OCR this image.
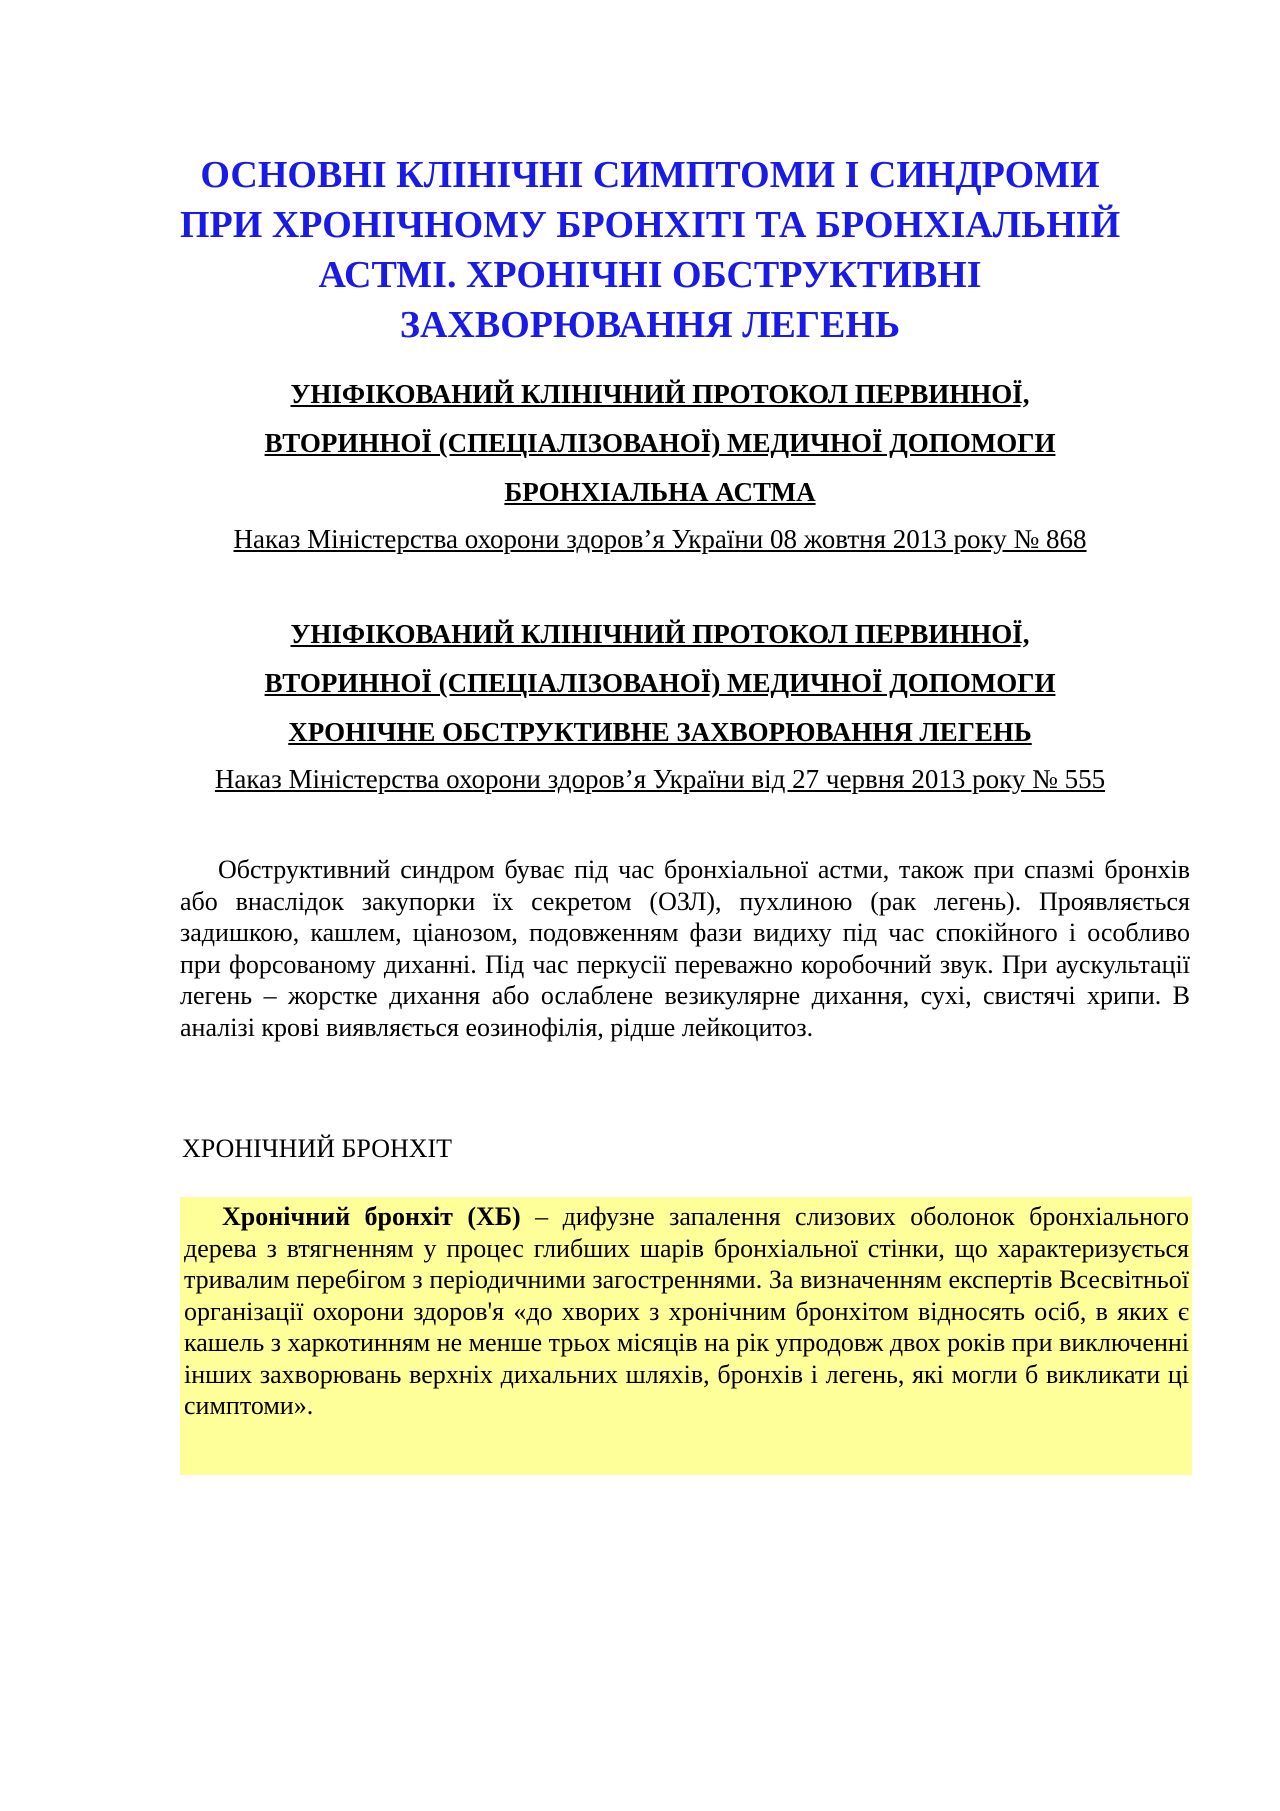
ОСНОВНІ КЛІНІЧНІ СИМПТОМИ І СИНДРОМИ
ПРИ ХРОНІЧНОМУ БРОНХІТІ ТА БРОНХІАЛЬНІЙ
АСТМІ. ХРОНІЧНІ ОБСТРУКТИВНІ
ЗАХВОРЮВАННЯ ЛЕГЕНЬ
УНІФІКОВАНИЙ КЛІНІЧНИЙ ПРОТОКОЛ ПЕРВИННОЇ,
ВТОРИННОЇ (СПЕЦІАЛІЗОВАНОЇ) МЕДИЧНОЇ ДОПОМОГИ
БРОНХІАЛЬНА АСТМА
Наказ Міністерства охорони здоров’я України 08 жовтня 2013 року № 868
УНІФІКОВАНИЙ КЛІНІЧНИЙ ПРОТОКОЛ ПЕРВИННОЇ,
ВТОРИННОЇ (СПЕЦІАЛІЗОВАНОЇ) МЕДИЧНОЇ ДОПОМОГИ
ХРОНІЧНЕ ОБСТРУКТИВНЕ ЗАХВОРЮВАННЯ ЛЕГЕНЬ
Наказ Міністерства охорони здоров’я України від 27 червня 2013 року № 555

Обструктивний синдром буває під час бронхіальної астми, також при спазмі бронхів або внаслідок закупорки їх секретом (ОЗЛ), пухлиною (рак легень). Проявляється задишкою, кашлем, ціанозом, подовженням фази видиху під час спокійного і особливо при форсованому диханні. Під час перкусії переважно коробочний звук. При аускультації легень – жорстке дихання або ослаблене везикулярне дихання, сухі, свистячі хрипи. В аналізі крові виявляється еозинофілія, рідше лейкоцитоз.

ХРОНІЧНИЙ БРОНХІТ

Хронічний бронхіт (ХБ) – дифузне запалення слизових оболонок бронхіального дерева з втягненням у процес глибших шарів бронхіальної стінки, що характеризується тривалим перебігом з періодичними загостреннями. За визначенням експертів Всесвітньої організації охорони здоров'я «до хворих з хронічним бронхітом відносять осіб, в яких є кашель з харкотинням не менше трьох місяців на рік упродовж двох років при виключенні інших захворювань верхніх дихальних шляхів, бронхів і легень, які могли б викликати ці симптоми».
